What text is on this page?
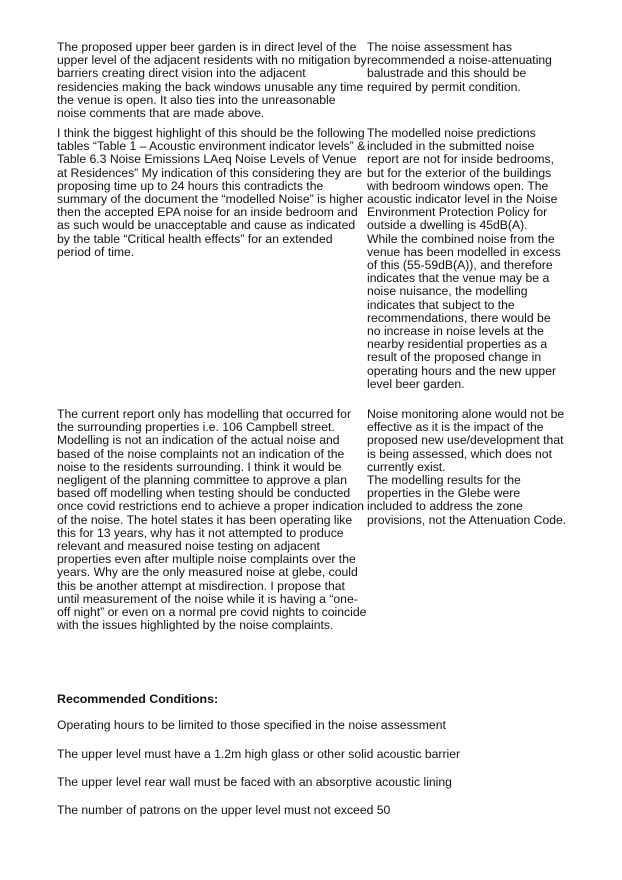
The proposed upper beer garden is in direct level of the upper level of the adjacent residents with no mitigation by barriers creating direct vision into the adjacent residencies making the back windows unusable any time the venue is open. It also ties into the unreasonable noise comments that are made above.

The noise assessment has recommended a noise-attenuating balustrade and this should be required by permit condition.

I think the biggest highlight of this should be the following tables “Table 1 – Acoustic environment indicator levels” & Table 6.3 Noise Emissions LAeq Noise Levels of Venue at Residences” My indication of this considering they are proposing time up to 24 hours this contradicts the summary of the document the “modelled Noise” is higher then the accepted EPA noise for an inside bedroom and as such would be unacceptable and cause as indicated by the table “Critical health effects” for an extended period of time.

The modelled noise predictions included in the submitted noise report are not for inside bedrooms, but for the exterior of the buildings with bedroom windows open. The acoustic indicator level in the Noise Environment Protection Policy for outside a dwelling is 45dB(A).
While the combined noise from the venue has been modelled in excess of this (55-59dB(A)), and therefore indicates that the venue may be a noise nuisance, the modelling indicates that subject to the recommendations, there would be no increase in noise levels at the nearby residential properties as a result of the proposed change in operating hours and the new upper level beer garden.

The current report only has modelling that occurred for the surrounding properties i.e. 106 Campbell street. Modelling is not an indication of the actual noise and based of the noise complaints not an indication of the noise to the residents surrounding. I think it would be negligent of the planning committee to approve a plan based off modelling when testing should be conducted once covid restrictions end to achieve a proper indication of the noise. The hotel states it has been operating like this for 13 years, why has it not attempted to produce relevant and measured noise testing on adjacent properties even after multiple noise complaints over the years. Why are the only measured noise at glebe, could this be another attempt at misdirection. I propose that until measurement of the noise while it is having a “one-off night” or even on a normal pre covid nights to coincide with the issues highlighted by the noise complaints.

Noise monitoring alone would not be effective as it is the impact of the proposed new use/development that is being assessed, which does not currently exist.
The modelling results for the properties in the Glebe were included to address the zone provisions, not the Attenuation Code.

Recommended Conditions:

Operating hours to be limited to those specified in the noise assessment

The upper level must have a 1.2m high glass or other solid acoustic barrier

The upper level rear wall must be faced with an absorptive acoustic lining

The number of patrons on the upper level must not exceed 50
